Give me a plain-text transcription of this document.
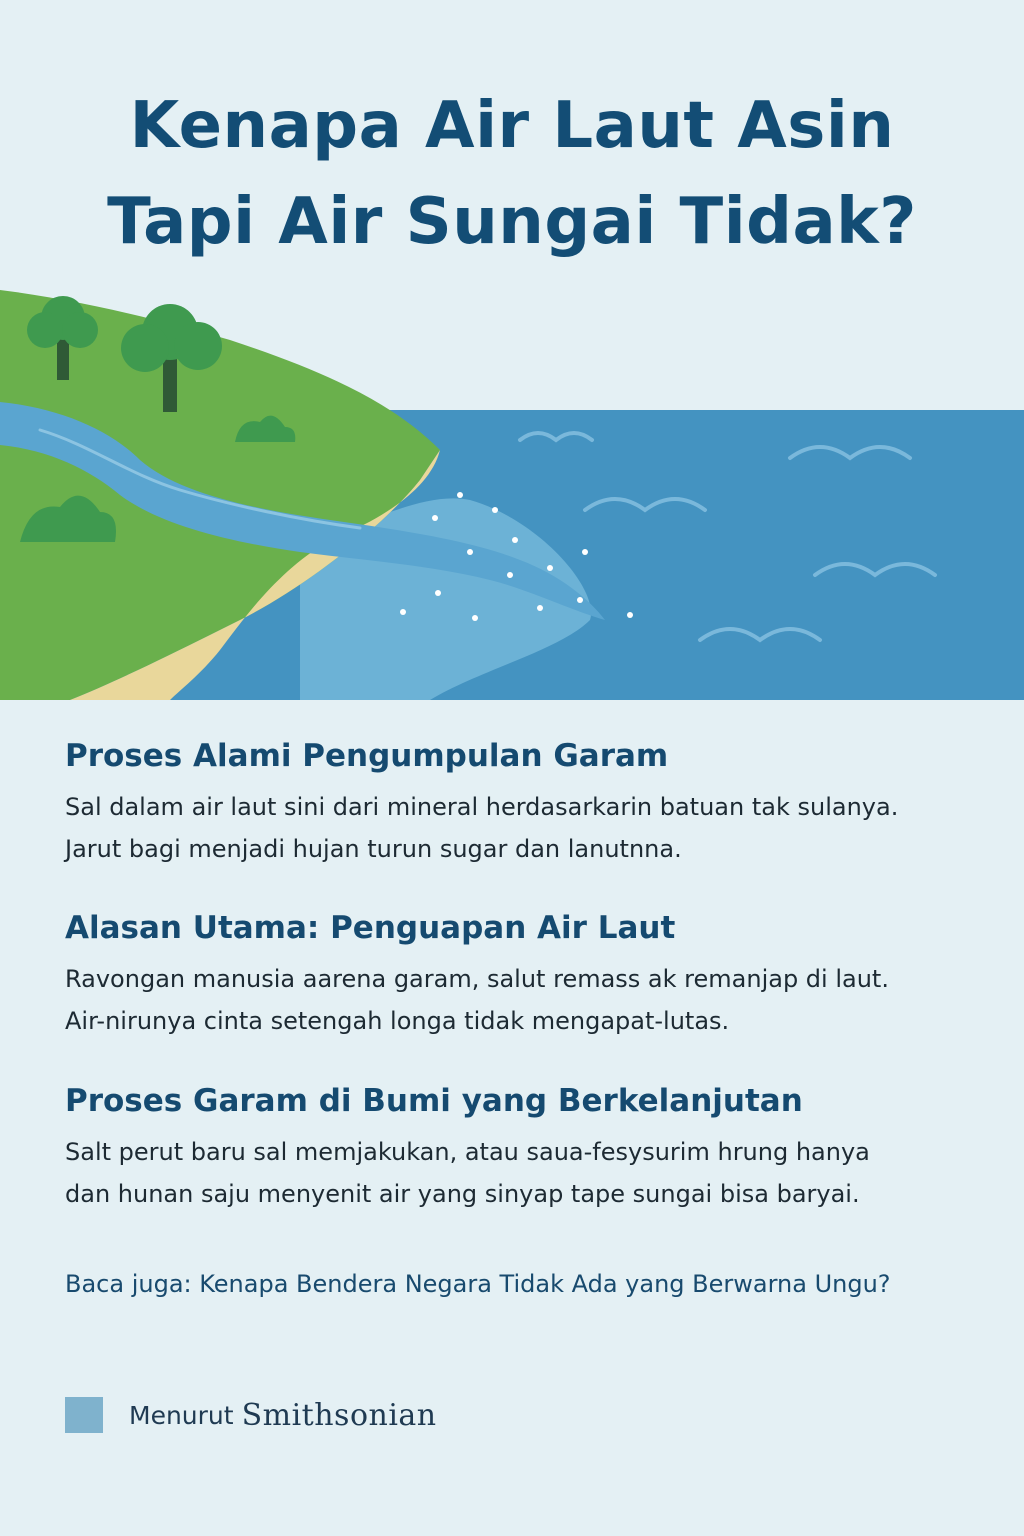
Kenapa Air Laut Asin
Tapi Air Sungai Tidak?
Proses Alami Pengumpulan Garam

Sal dalam air laut sini dari mineral herdasarkarin batuan tak sulanya.
Jarut bagi menjadi hujan turun sugar dan lanutnna.

Alasan Utama: Penguapan Air Laut

Ravongan manusia aarena garam, salut remass ak remanjap di laut.
Air-nirunya cinta setengah longa tidak mengapat-lutas.

Proses Garam di Bumi yang Berkelanjutan

Salt perut baru sal memjakukan, atau saua-fesysurim hrung hanya
dan hunan saju menyenit air yang sinyap tape sungai bisa baryai.

Baca juga: Kenapa Bendera Negara Tidak Ada yang Berwarna Ungu?

Menurut Smithsonian
